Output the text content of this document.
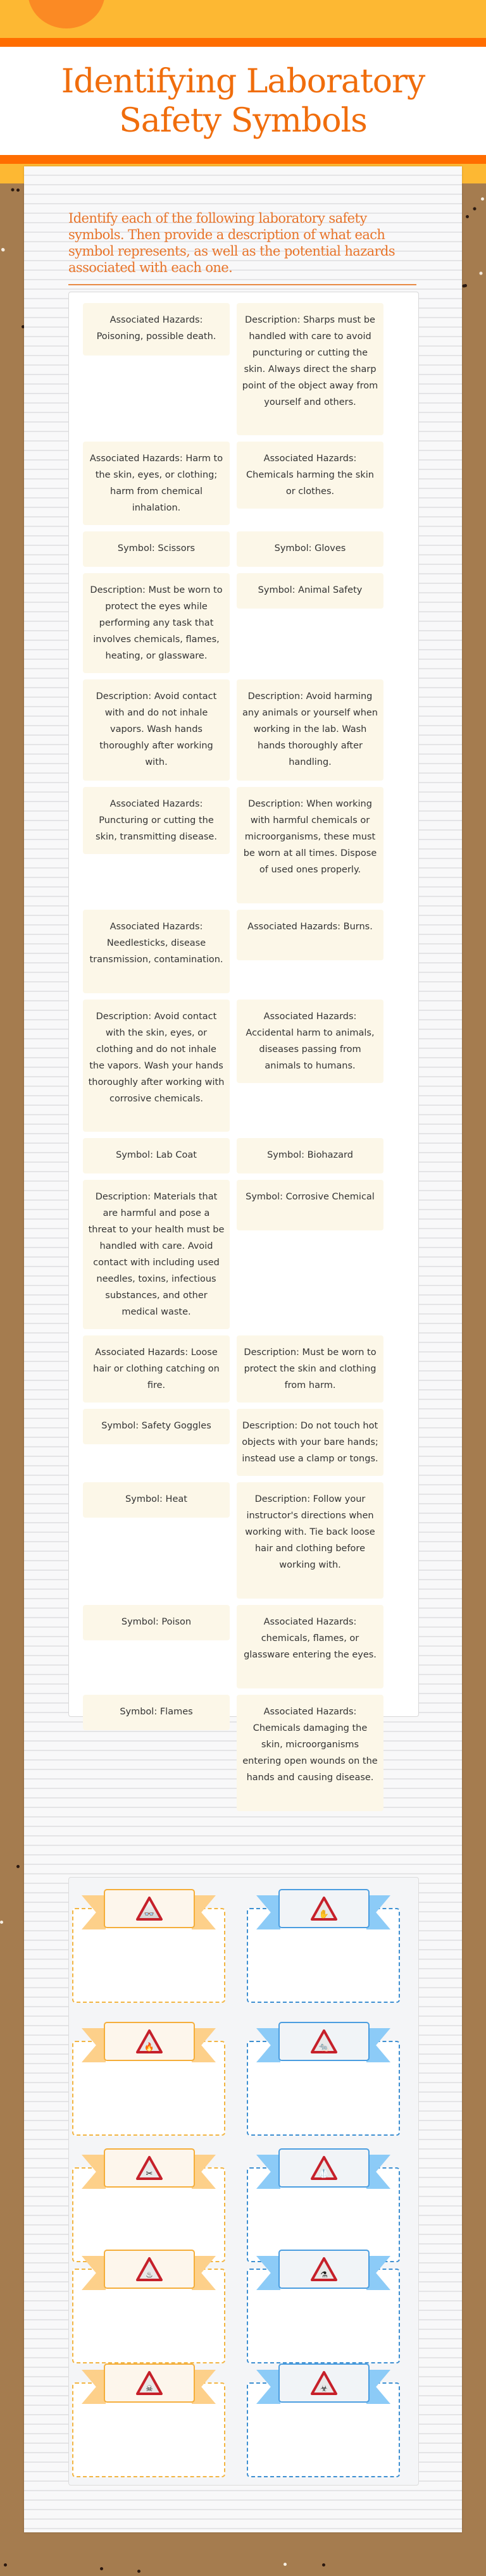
Identifying Laboratory Safety Symbols

Identify each of the following laboratory safety symbols. Then provide a description of what each symbol represents, as well as the potential hazards associated with each one.

Associated Hazards: Poisoning, possible death.
Description: Sharps must be handled with care to avoid puncturing or cutting the skin. Always direct the sharp point of the object away from yourself and others.
Associated Hazards: Harm to the skin, eyes, or clothing; harm from chemical inhalation.
Associated Hazards: Chemicals harming the skin or clothes.
Symbol: Scissors	Symbol: Gloves
Description: Must be worn to protect the eyes while performing any task that involves chemicals, flames, heating, or glassware.
Symbol: Animal Safety
Description: Avoid contact with and do not inhale vapors. Wash hands thoroughly after working with.
Description: Avoid harming any animals or yourself when working in the lab. Wash hands thoroughly after handling.
Associated Hazards: Puncturing or cutting the skin, transmitting disease.
Description: When working with harmful chemicals or microorganisms, these must be worn at all times. Dispose of used ones properly.
Associated Hazards: Needlesticks, disease transmission, contamination.
Associated Hazards: Burns.
Description: Avoid contact with the skin, eyes, or clothing and do not inhale the vapors. Wash your hands thoroughly after working with corrosive chemicals.
Associated Hazards: Accidental harm to animals, diseases passing from animals to humans.
Symbol: Lab Coat	Symbol: Biohazard
Description: Materials that are harmful and pose a threat to your health must be handled with care. Avoid contact with including used needles, toxins, infectious substances, and other medical waste.
Symbol: Corrosive Chemical
Associated Hazards: Loose hair or clothing catching on fire.
Description: Must be worn to protect the skin and clothing from harm.
Symbol: Safety Goggles	Description: Do not touch hot objects with your bare hands; instead use a clamp or tongs.
Symbol: Heat	Description: Follow your instructor's directions when working with. Tie back loose hair and clothing before working with.
Symbol: Poison	Associated Hazards: chemicals, flames, or glassware entering the eyes.
Symbol: Flames	Associated Hazards: Chemicals damaging the skin, microorganisms entering open wounds on the hands and causing disease.
👓	✋
🔥	🐀
✂	🥼
♨	⚗
☠	☣
